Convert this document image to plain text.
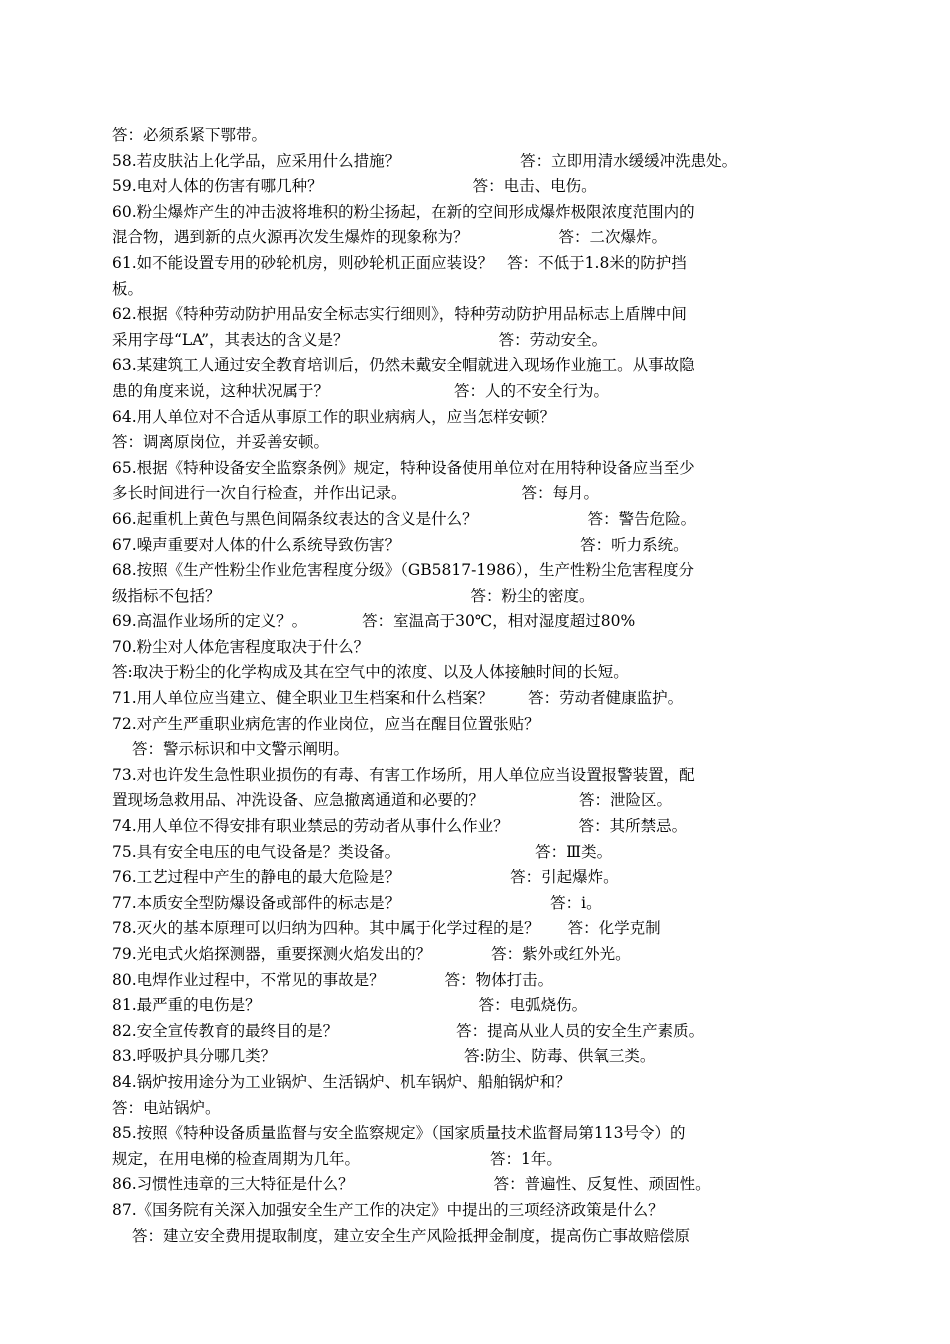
答：必须系紧下鄂带。
58.若皮肤沾上化学品，应采用什么措施？	答：立即用清水缓缓冲洗患处。
59.电对人体的伤害有哪几种？	答：电击、电伤。
60.粉尘爆炸产生的冲击波将堆积的粉尘扬起，在新的空间形成爆炸极限浓度范围内的
混合物，遇到新的点火源再次发生爆炸的现象称为？	答：二次爆炸。
61.如不能设置专用的砂轮机房，则砂轮机正面应装设？ 答：不低于1.8米的防护挡
板。
62.根据《特种劳动防护用品安全标志实行细则》，特种劳动防护用品标志上盾牌中间
采用字母“LA”，其表达的含义是？	答：劳动安全。
63.某建筑工人通过安全教育培训后，仍然未戴安全帽就进入现场作业施工。从事故隐
患的角度来说，这种状况属于？	答：人的不安全行为。
64.用人单位对不合适从事原工作的职业病病人，应当怎样安顿？
答：调离原岗位，并妥善安顿。
65.根据《特种设备安全监察条例》规定，特种设备使用单位对在用特种设备应当至少
多长时间进行一次自行检查，并作出记录。	答：每月。
66.起重机上黄色与黑色间隔条纹表达的含义是什么？	答：警告危险。
67.噪声重要对人体的什么系统导致伤害？	答：听力系统。
68.按照《生产性粉尘作业危害程度分级》（GB5817-1986），生产性粉尘危害程度分
级指标不包括？	答：粉尘的密度。
69.高温作业场所的定义？。	答：室温高于30℃，相对湿度超过80%
70.粉尘对人体危害程度取决于什么？
答:取决于粉尘的化学构成及其在空气中的浓度、以及人体接触时间的长短。
71.用人单位应当建立、健全职业卫生档案和什么档案？ 答：劳动者健康监护。
72.对产生严重职业病危害的作业岗位，应当在醒目位置张贴？
答：警示标识和中文警示阐明。
73.对也许发生急性职业损伤的有毒、有害工作场所，用人单位应当设置报警装置，配
置现场急救用品、冲洗设备、应急撤离通道和必要的？	答：泄险区。
74.用人单位不得安排有职业禁忌的劳动者从事什么作业？	答：其所禁忌。
75.具有安全电压的电气设备是？类设备。	答：Ⅲ类。
76.工艺过程中产生的静电的最大危险是？	答：引起爆炸。
77.本质安全型防爆设备或部件的标志是？	答：i。
78.灭火的基本原理可以归纳为四种。其中属于化学过程的是？ 答：化学克制
79.光电式火焰探测器，重要探测火焰发出的？	答：紫外或红外光。
80.电焊作业过程中，不常见的事故是？	答：物体打击。
81.最严重的电伤是？	答：电弧烧伤。
82.安全宣传教育的最终目的是？	答：提高从业人员的安全生产素质。
83.呼吸护具分哪几类？	答:防尘、防毒、供氧三类。
84.锅炉按用途分为工业锅炉、生活锅炉、机车锅炉、船舶锅炉和？
答：电站锅炉。
85.按照《特种设备质量监督与安全监察规定》（国家质量技术监督局第113号令）的
规定，在用电梯的检查周期为几年。	答：1年。
86.习惯性违章的三大特征是什么？	答：普遍性、反复性、顽固性。
87.《国务院有关深入加强安全生产工作的决定》中提出的三项经济政策是什么？
答：建立安全费用提取制度，建立安全生产风险抵押金制度，提高伤亡事故赔偿原
